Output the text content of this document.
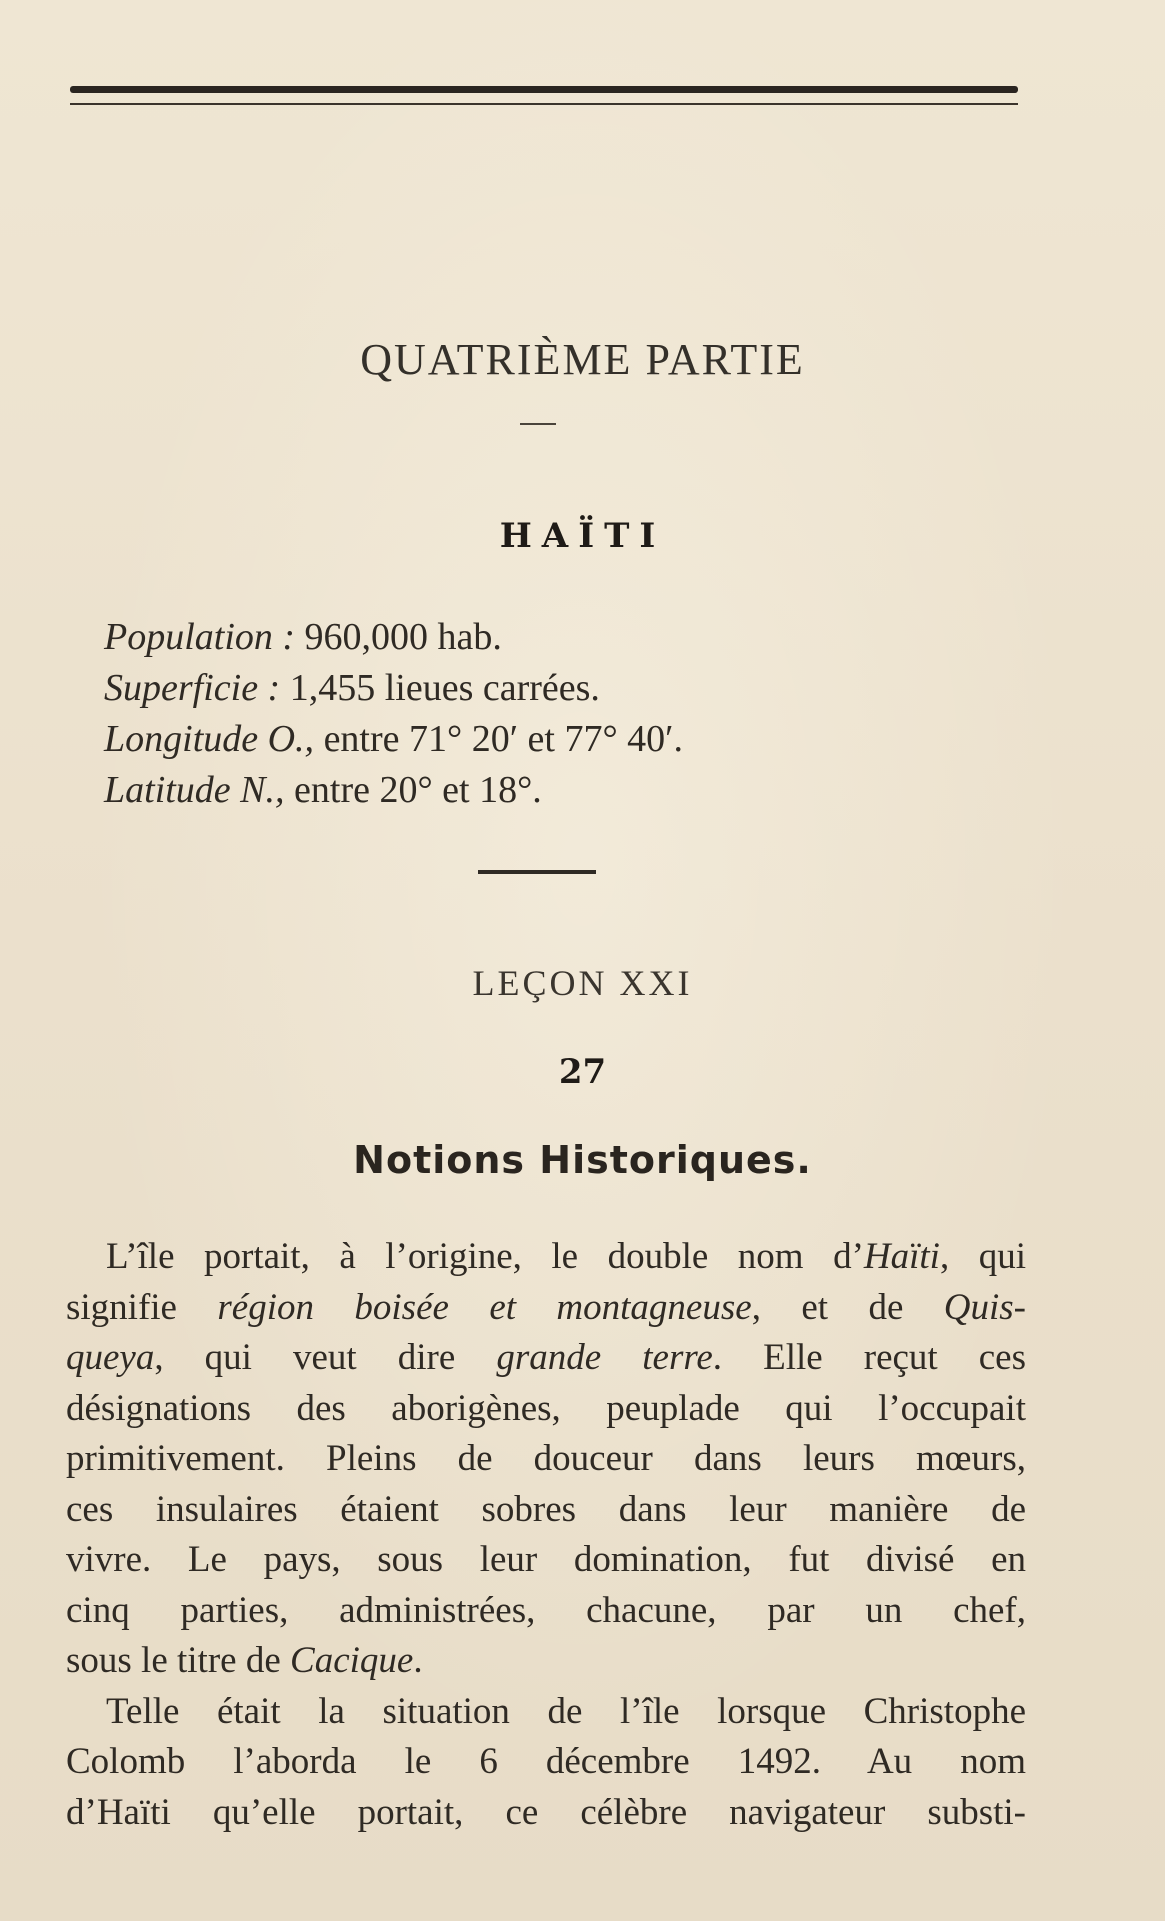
QUATRIÈME PARTIE
HAÏTI
Population : 960,000 hab.
Superficie : 1,455 lieues carrées.
Longitude O., entre 71° 20′ et 77° 40′.
Latitude N., entre 20° et 18°.
LEÇON XXI
27
Notions Historiques.
L’île portait, à l’origine, le double nom d’Haïti, qui
signifie région boisée et montagneuse, et de Quis-
queya, qui veut dire grande terre. Elle reçut ces
désignations des aborigènes, peuplade qui l’occupait
primitivement. Pleins de douceur dans leurs mœurs,
ces insulaires étaient sobres dans leur manière de
vivre. Le pays, sous leur domination, fut divisé en
cinq parties, administrées, chacune, par un chef,
sous le titre de Cacique.
Telle était la situation de l’île lorsque Christophe
Colomb l’aborda le 6 décembre 1492. Au nom
d’Haïti qu’elle portait, ce célèbre navigateur substi-
